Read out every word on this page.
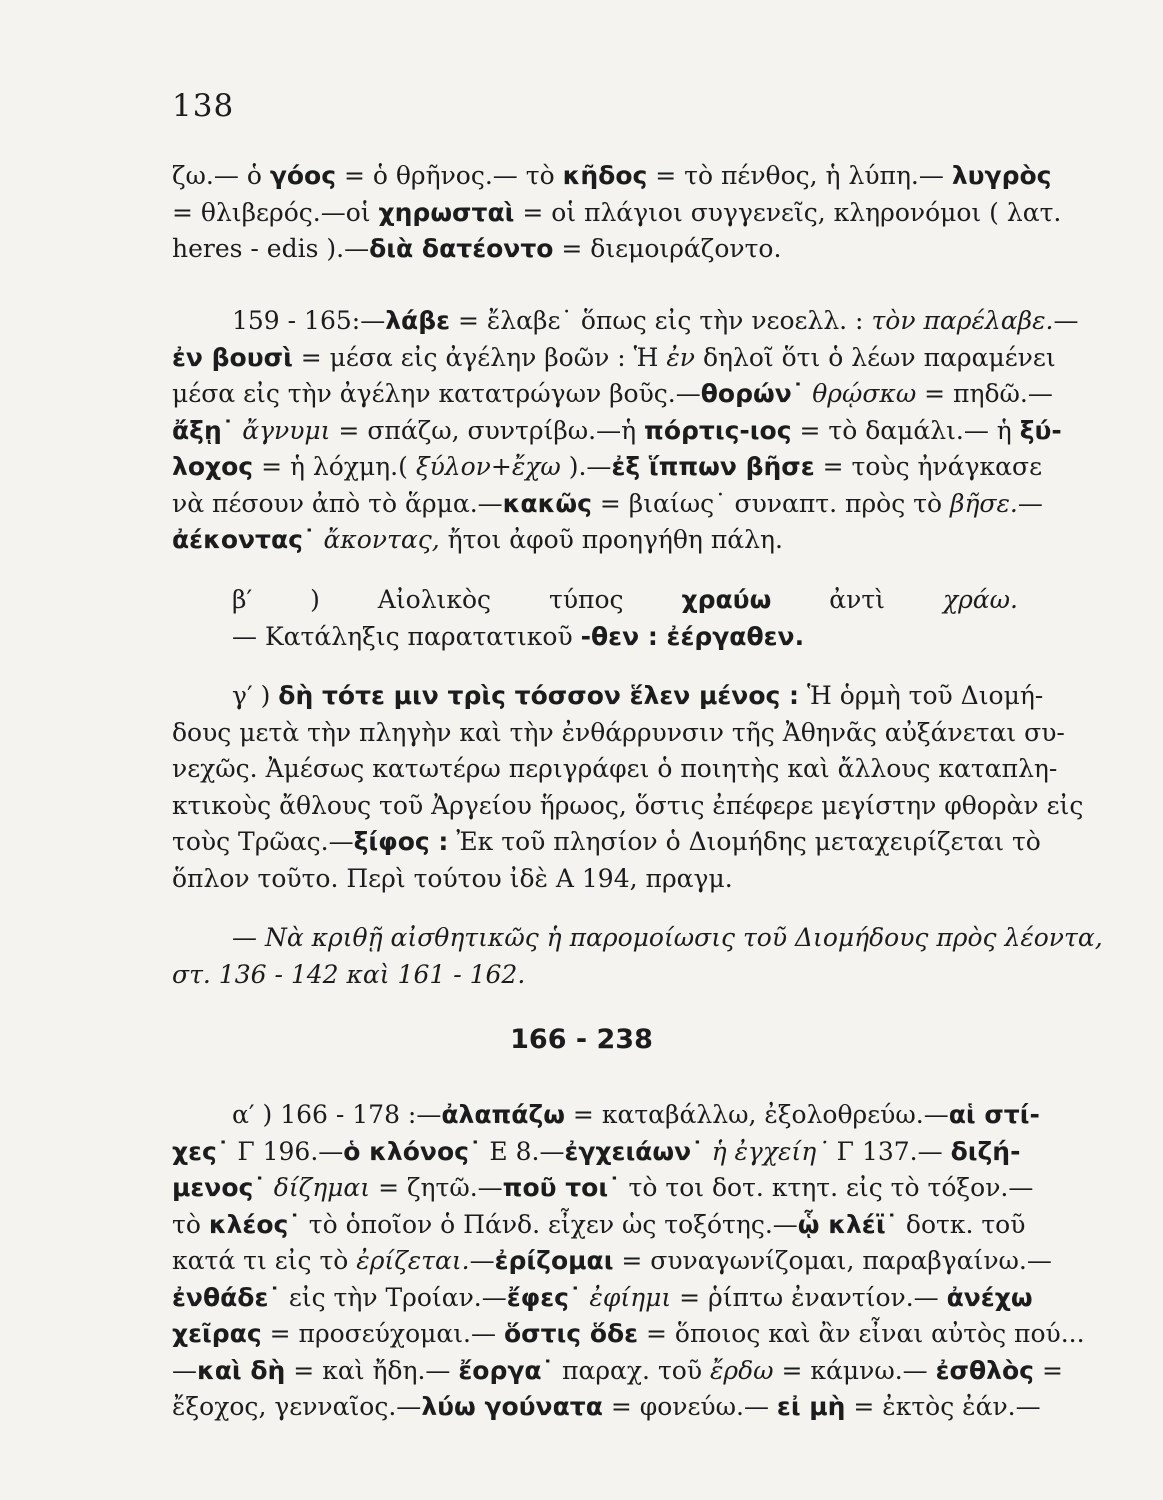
138
ζω.— ὁ γόος = ὁ θρῆνος.— τὸ κῆδος = τὸ πένθος, ἡ λύπη.— λυγρὸς
= θλιβερός.—οἱ χηρωσταὶ = οἱ πλάγιοι συγγενεῖς, κληρονόμοι ( λατ.
heres - edis ).—διὰ δατέοντο = διεμοιράζοντο.
159 - 165:—λάβε = ἔλαβε˙ ὅπως εἰς τὴν νεοελλ. : τὸν παρέλαβε.—
ἐν βουσὶ = μέσα εἰς ἀγέλην βοῶν : Ἡ ἐν δηλοῖ ὅτι ὁ λέων παραμένει
μέσα εἰς τὴν ἀγέλην κατατρώγων βοῦς.—θορών˙ θρῴσκω = πηδῶ.—
ἄξῃ˙ ἄγνυμι = σπάζω, συντρίβω.—ἡ πόρτις-ιος = τὸ δαμάλι.— ἡ ξύ-
λοχος = ἡ λόχμη.( ξύλον+ἔχω ).—ἐξ ἵππων βῆσε = τοὺς ἠνάγκασε
νὰ πέσουν ἀπὸ τὸ ἅρμα.—κακῶς = βιαίως˙ συναπτ. πρὸς τὸ βῆσε.—
ἀέκοντας˙ ἄκοντας, ἤτοι ἀφοῦ προηγήθη πάλη.
β′ ) Αἰολικὸς τύπος χραύω ἀντὶ χράω.
— Κατάληξις παρατατικοῦ -θεν : ἐέργαθεν.
γ′ ) δὴ τότε μιν τρὶς τόσσον ἕλεν μένος : Ἡ ὁρμὴ τοῦ Διομή-
δους μετὰ τὴν πληγὴν καὶ τὴν ἐνθάρρυνσιν τῆς Ἀθηνᾶς αὐξάνεται συ-
νεχῶς. Ἀμέσως κατωτέρω περιγράφει ὁ ποιητὴς καὶ ἄλλους καταπλη-
κτικοὺς ἄθλους τοῦ Ἀργείου ἥρωος, ὅστις ἐπέφερε μεγίστην φθορὰν εἰς
τοὺς Τρῶας.—ξίφος : Ἐκ τοῦ πλησίον ὁ Διομήδης μεταχειρίζεται τὸ
ὅπλον τοῦτο. Περὶ τούτου ἰδὲ Α 194, πραγμ.
— Νὰ κριθῇ αἰσθητικῶς ἡ παρομοίωσις τοῦ Διομήδους πρὸς λέοντα,
στ. 136 - 142 καὶ 161 - 162.
α′ ) 166 - 178 :—ἀλαπάζω = καταβάλλω, ἐξολοθρεύω.—αἱ στί-
χες˙ Γ 196.—ὁ κλόνος˙ Ε 8.—ἐγχειάων˙ ἡ ἐγχείη˙ Γ 137.— διζή-
μενος˙ δίζημαι = ζητῶ.—ποῦ τοι˙ τὸ τοι δοτ. κτητ. εἰς τὸ τόξον.—
τὸ κλέος˙ τὸ ὁποῖον ὁ Πάνδ. εἶχεν ὡς τοξότης.—ᾧ κλέϊ˙ δοτκ. τοῦ
κατά τι εἰς τὸ ἐρίζεται.—ἐρίζομαι = συναγωνίζομαι, παραβγαίνω.—
ἐνθάδε˙ εἰς τὴν Τροίαν.—ἔφες˙ ἐφίημι = ῥίπτω ἐναντίον.— ἀνέχω
χεῖρας = προσεύχομαι.— ὅστις ὅδε = ὅποιος καὶ ἂν εἶναι αὐτὸς πού...
—καὶ δὴ = καὶ ἤδη.— ἔοργα˙ παραχ. τοῦ ἔρδω = κάμνω.— ἐσθλὸς =
ἔξοχος, γενναῖος.—λύω γούνατα = φονεύω.— εἰ μὴ = ἐκτὸς ἐάν.—
166 - 238
